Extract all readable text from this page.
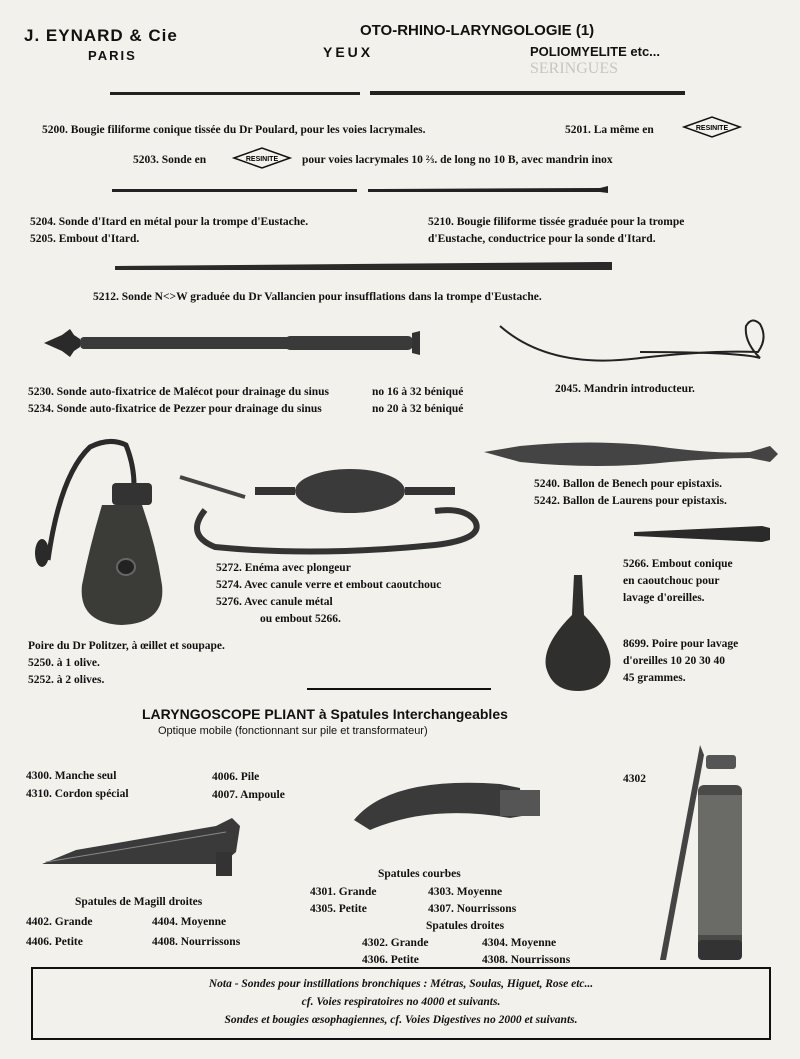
SERINGUES
J. EYNARD & Cie
PARIS
OTO-RHINO-LARYNGOLOGIE (1)
YEUX	POLIOMYELITE etc...
5200. Bougie filiforme conique tissée du Dr Poulard, pour les voies lacrymales.	5201. La même en	RESINITE
5203. Sonde en	RESINITE pour voies lacrymales 10 ⅔. de long no 10 B, avec mandrin inox
5204. Sonde d'Itard en métal pour la trompe d'Eustache.
5205. Embout d'Itard.
5210. Bougie filiforme tissée graduée pour la trompe
d'Eustache, conductrice pour la sonde d'Itard.
5212. Sonde N<>W graduée du Dr Vallancien pour insufflations dans la trompe d'Eustache.
5230. Sonde auto-fixatrice de Malécot pour drainage du sinus	no 16 à 32 béniqué
5234. Sonde auto-fixatrice de Pezzer pour drainage du sinus	no 20 à 32 béniqué
2045. Mandrin introducteur.
5240. Ballon de Benech pour epistaxis.
5242. Ballon de Laurens pour epistaxis.
5272. Enéma avec plongeur
5274. Avec canule verre et embout caoutchouc
5276. Avec canule métal
ou embout 5266.
5266. Embout conique
en caoutchouc pour
lavage d'oreilles.
Poire du Dr Politzer, à œillet et soupape.
5250. à 1 olive.
5252. à 2 olives.
8699. Poire pour lavage
d'oreilles 10 20 30 40
45 grammes.
LARYNGOSCOPE PLIANT à Spatules Interchangeables
Optique mobile (fonctionnant sur pile et transformateur)
4300. Manche seul
4310. Cordon spécial
4006. Pile
4007. Ampoule
4302
Spatules de Magill droites
4402. Grande	4404. Moyenne
4406. Petite	4408. Nourrissons
Spatules courbes
4301. Grande	4303. Moyenne
4305. Petite	4307. Nourrissons
Spatules droites
4302. Grande	4304. Moyenne
4306. Petite	4308. Nourrissons
Nota - Sondes pour instillations bronchiques : Métras, Soulas, Higuet, Rose etc...
cf. Voies respiratoires no 4000 et suivants.
Sondes et bougies œsophagiennes, cf. Voies Digestives no 2000 et suivants.
